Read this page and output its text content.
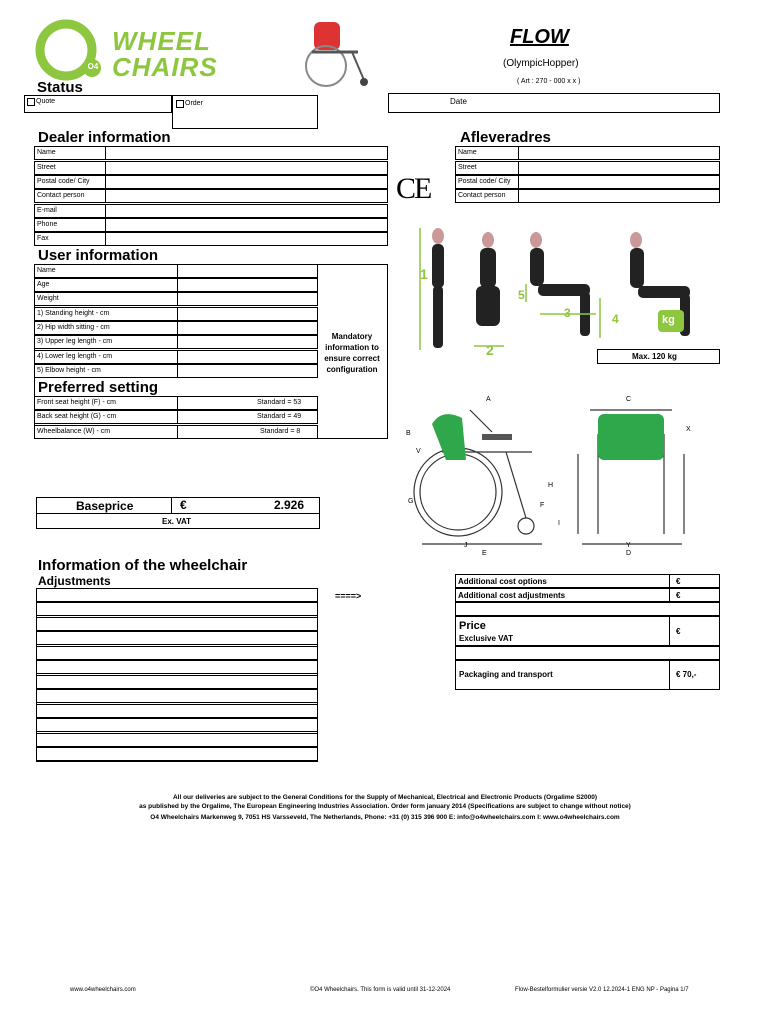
O4
WHEEL
CHAIRS
FLOW
(OlympicHopper)
( Art : 270 - 000 x x )
Status
Quote	Order	Date
Dealer information
Name
Street
Postal code/ City
Contact person
E-mail
Phone
Fax
Afleveradres
Name
Street
Postal code/ City
Contact person
CE
User information
Name
Age
Weight
1) Standing height - cm
2) Hip width sitting - cm
3) Upper leg length - cm
4) Lower leg length - cm
5) Elbow height - cm
Mandatory information to ensure correct configuration
Preferred setting
Front seat height (F) - cm	Standard = 53
Back seat height (G) - cm	Standard = 49
Wheelbalance (W) - cm	Standard = 8
1
2
3	4
5
kg
Max. 120 kg
A	C
B
V
G
H
F
I
J
E
Y
D
X
Baseprice	€	2.926
Ex. VAT
Information of the wheelchair
Adjustments
====>
Additional cost options	€
Additional cost adjustments	€
Price
Exclusive VAT
€
Packaging and transport	€ 70,-
All our deliveries are subject to the General Conditions for the Supply of Mechanical, Electrical and Electronic Products (Orgalime S2000)
as published by the Orgalime, The European Engineering Industries Association. Order form january 2014 (Specifications are subject to change without notice)
O4 Wheelchairs Markenweg 9, 7051 HS Varsseveld, The Netherlands, Phone: +31 (0) 315 396 900 E: info@o4wheelchairs.com I: www.o4wheelchairs.com
www.o4wheelchairs.com	©O4 Wheelchairs. This form is valid until 31-12-2024	Flow-Bestelformulier versie V2.0 12.2024-1 ENG NP - Pagina 1/7
